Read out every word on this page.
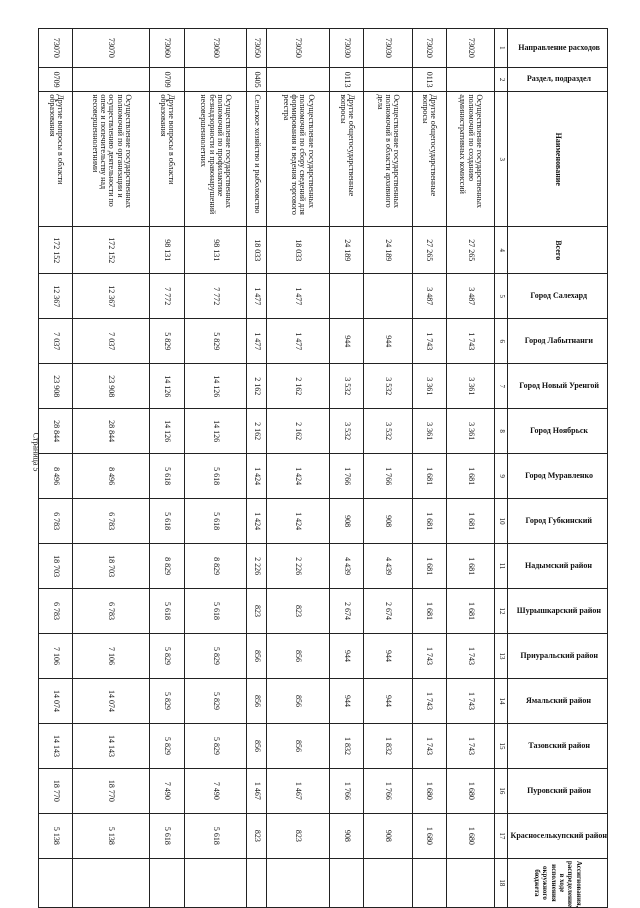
Страница 5
Направление расходов	Раздел, подраздел	Наименование	Всего	Город Салехард	Город Лабытнанги	Город Новый Уренгой	Город Ноябрьск	Город Муравленко	Город Губкинский	Надымский район	Шурышкарский район	Приуральский район	Ямальский район	Тазовский район	Пуровский район	Красноселькупский район	Ассигнования, распределение в ходе исполнения окружного бюджета
1	2	3	4	5	6	7	8	9	10	11	12	13	14	15	16	17	18
73020		Осуществление государственных полномочий по созданию административных комиссий	27 265	3 487	1 743	3 361	3 361	1 681	1 681	1 681	1 681	1 743	1 743	1 743	1 680	1 680	
73020	0113	Другие общегосударственные вопросы	27 265	3 487	1 743	3 361	3 361	1 681	1 681	1 681	1 681	1 743	1 743	1 743	1 680	1 680	
73030		Осуществление государственных полномочий в области архивного дела	24 189		944	3 532	3 532	1 766	908	4 439	2 674	944	944	1 832	1 766	908	
73030	0113	Другие общегосударственные вопросы	24 189		944	3 532	3 532	1 766	908	4 439	2 674	944	944	1 832	1 766	908	
73050		Осуществление государственных полномочий по сбору сведений для формирования и ведения торгового реестра	18 033	1 477	1 477	2 162	2 162	1 424	1 424	2 226	823	856	856	856	1 467	823	
73050	0405	Сельское хозяйство и рыболовство	18 033	1 477	1 477	2 162	2 162	1 424	1 424	2 226	823	856	856	856	1 467	823	
73060		Осуществление государственных полномочий по профилактике безнадзорности и правонарушений несовершеннолетних	98 131	7 772	5 829	14 126	14 126	5 618	5 618	8 829	5 618	5 829	5 829	5 829	7 490	5 618	
73060	0709	Другие вопросы в области образования	98 131	7 772	5 829	14 126	14 126	5 618	5 618	8 829	5 618	5 829	5 829	5 829	7 490	5 618	
73070		Осуществление государственных полномочий по организации и осуществлению деятельности по опеке и попечительству над несовершеннолетними	172 152	12 367	7 037	23 908	28 844	8 496	6 783	18 703	6 783	7 106	14 074	14 143	18 770	5 138	
73070	0709	Другие вопросы в области образования	172 152	12 367	7 037	23 908	28 844	8 496	6 783	18 703	6 783	7 106	14 074	14 143	18 770	5 138	
